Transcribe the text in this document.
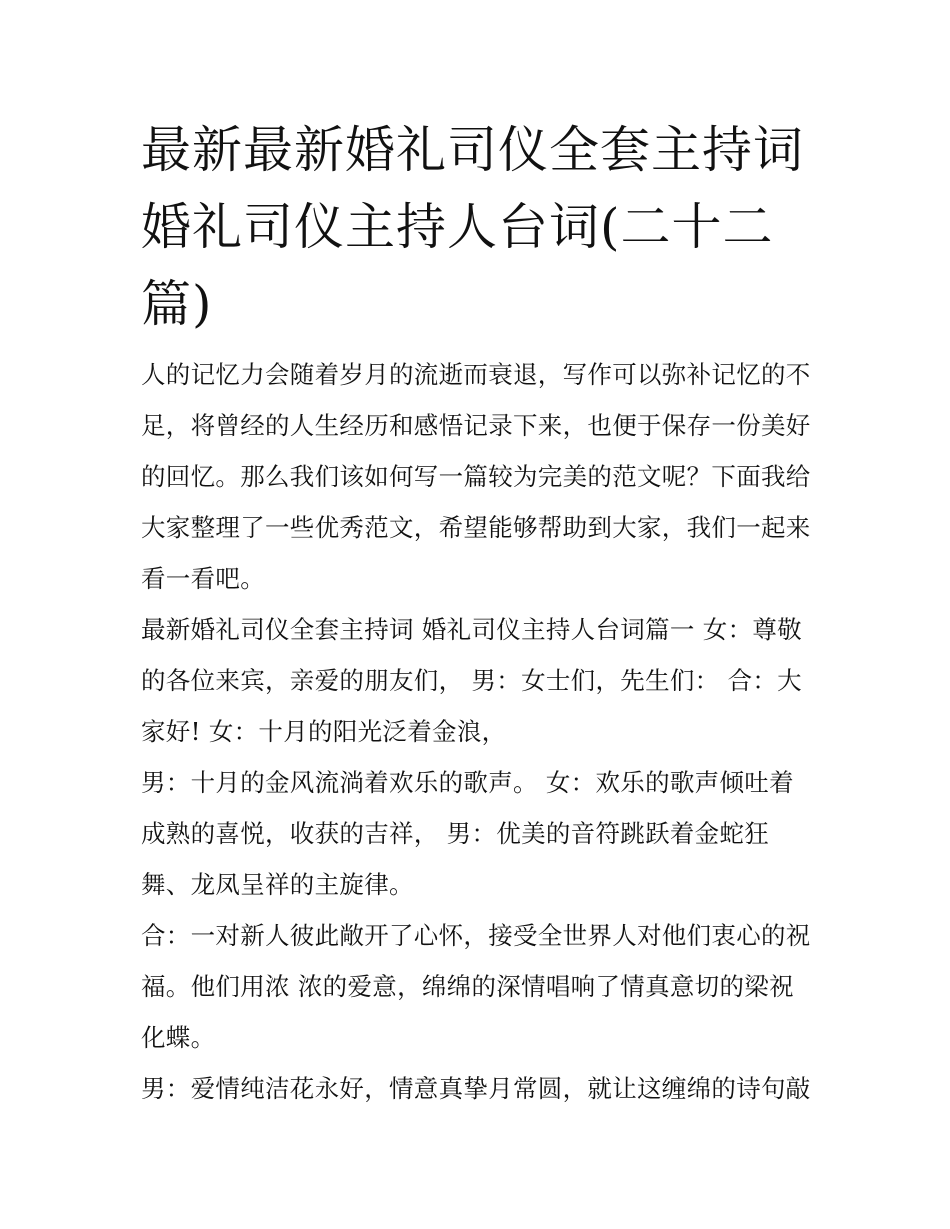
最新最新婚礼司仪全套主持词
婚礼司仪主持人台词(二十二
篇)

人的记忆力会随着岁月的流逝而衰退，写作可以弥补记忆的不
足，将曾经的人生经历和感悟记录下来，也便于保存一份美好
的回忆。那么我们该如何写一篇较为完美的范文呢？下面我给
大家整理了一些优秀范文，希望能够帮助到大家，我们一起来
看一看吧。

最新婚礼司仪全套主持词 婚礼司仪主持人台词篇一 女：尊敬
的各位来宾，亲爱的朋友们， 男：女士们，先生们： 合：大
家好! 女：十月的阳光泛着金浪，

男：十月的金风流淌着欢乐的歌声。 女：欢乐的歌声倾吐着
成熟的喜悦，收获的吉祥， 男：优美的音符跳跃着金蛇狂
舞、龙凤呈祥的主旋律。

合：一对新人彼此敞开了心怀，接受全世界人对他们衷心的祝
福。他们用浓 浓的爱意，绵绵的深情唱响了情真意切的梁祝
化蝶。

男：爱情纯洁花永好，情意真挚月常圆，就让这缠绵的诗句敲
